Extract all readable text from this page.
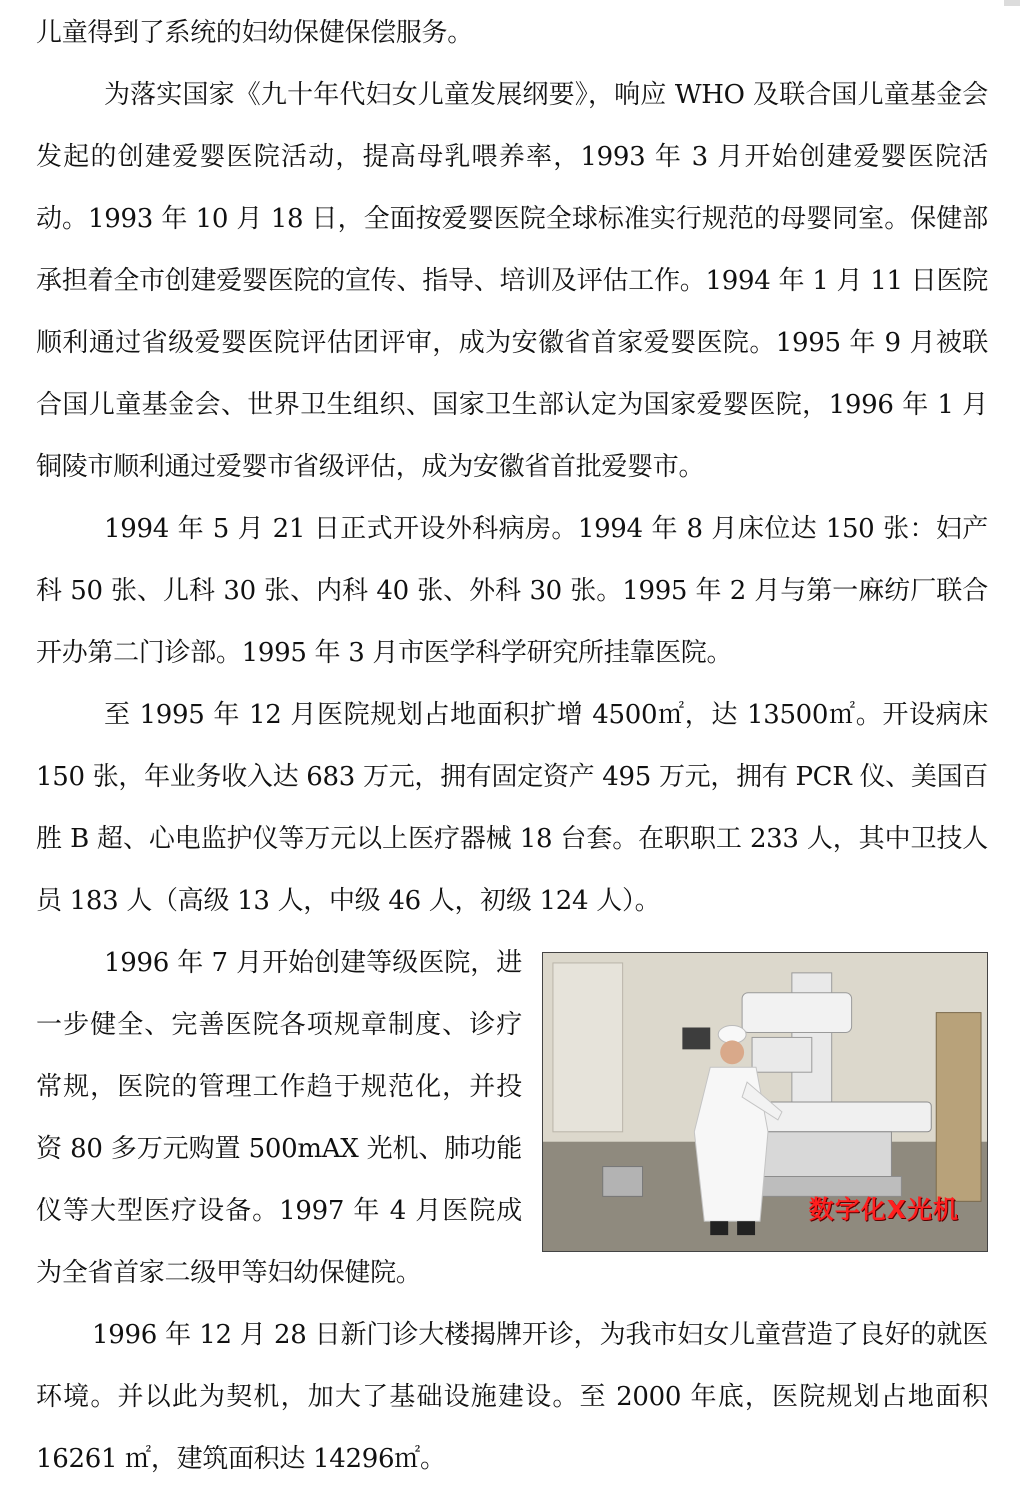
儿童得到了系统的妇幼保健保偿服务。

为落实国家《九十年代妇女儿童发展纲要》，响应 WHO 及联合国儿童基金会发起的创建爱婴医院活动，提高母乳喂养率，1993 年 3 月开始创建爱婴医院活动。1993 年 10 月 18 日，全面按爱婴医院全球标准实行规范的母婴同室。保健部承担着全市创建爱婴医院的宣传、指导、培训及评估工作。1994 年 1 月 11 日医院顺利通过省级爱婴医院评估团评审，成为安徽省首家爱婴医院。1995 年 9 月被联合国儿童基金会、世界卫生组织、国家卫生部认定为国家爱婴医院，1996 年 1 月铜陵市顺利通过爱婴市省级评估，成为安徽省首批爱婴市。

1994 年 5 月 21 日正式开设外科病房。1994 年 8 月床位达 150 张：妇产科 50 张、儿科 30 张、内科 40 张、外科 30 张。1995 年 2 月与第一麻纺厂联合开办第二门诊部。1995 年 3 月市医学科学研究所挂靠医院。

至 1995 年 12 月医院规划占地面积扩增 4500㎡，达 13500㎡。开设病床 150 张，年业务收入达 683 万元，拥有固定资产 495 万元，拥有 PCR 仪、美国百胜 B 超、心电监护仪等万元以上医疗器械 18 台套。在职职工 233 人，其中卫技人员 183 人（高级 13 人，中级 46 人，初级 124 人）。

数字化X光机
1996 年 7 月开始创建等级医院，进一步健全、完善医院各项规章制度、诊疗常规，医院的管理工作趋于规范化，并投资 80 多万元购置 500mAX 光机、肺功能仪等大型医疗设备。1997 年 4 月医院成为全省首家二级甲等妇幼保健院。
1996 年 12 月 28 日新门诊大楼揭牌开诊，为我市妇女儿童营造了良好的就医环境。并以此为契机，加大了基础设施建设。至 2000 年底，医院规划占地面积 16261 ㎡，建筑面积达 14296㎡。
